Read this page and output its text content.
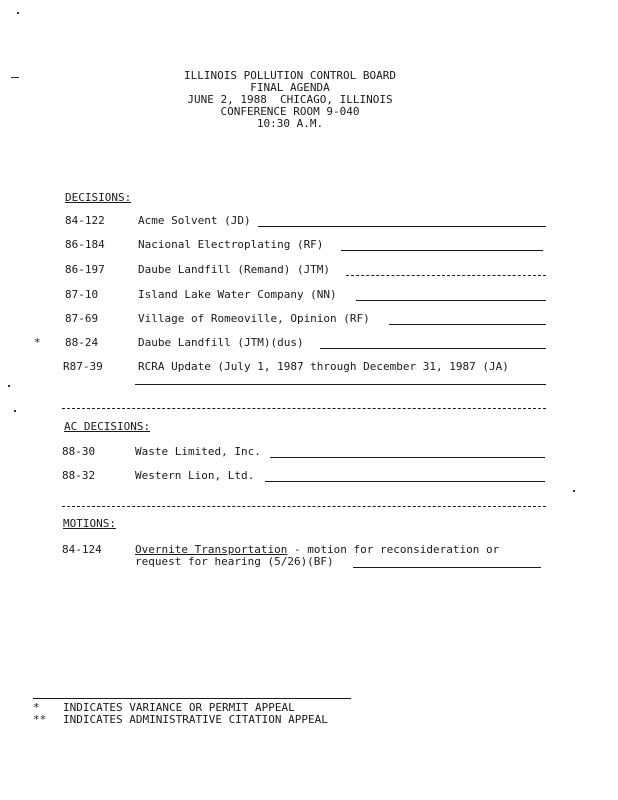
ILLINOIS POLLUTION CONTROL BOARD
FINAL AGENDA
JUNE 2, 1988  CHICAGO, ILLINOIS
CONFERENCE ROOM 9-040
10:30 A.M.
DECISIONS:
84-122	Acme Solvent (JD)
86-184	Nacional Electroplating (RF)
86-197	Daube Landfill (Remand) (JTM)
87-10	Island Lake Water Company (NN)
87-69	Village of Romeoville, Opinion (RF)
* 88-24	Daube Landfill (JTM)(dus)
R87-39	RCRA Update (July 1, 1987 through December 31, 1987 (JA)
AC DECISIONS:
88-30	Waste Limited, Inc.
88-32	Western Lion, Ltd.
MOTIONS:
84-124	Overnite Transportation - motion for reconsideration or
request for hearing (5/26)(BF)
* INDICATES VARIANCE OR PERMIT APPEAL
** INDICATES ADMINISTRATIVE CITATION APPEAL
